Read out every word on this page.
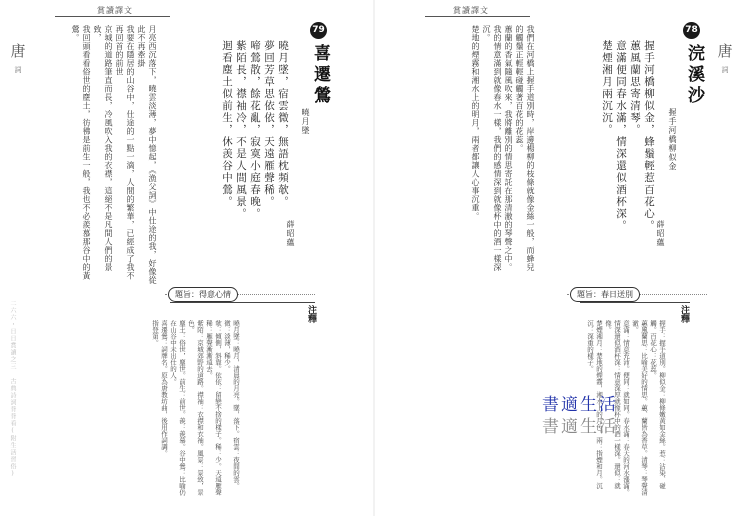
唐
詞
二六六・日日賞讀之三 古典詩詞背背看(附生活習俗)
賞讀譯文
79
喜遷鶯
曉月墜
薛昭蘊
曉月墜，宿雲微，無語枕頻欹。
夢回芳草思依依，天遠雁聲稀。
啼鶯散，餘花亂，寂寞小庭春晚。
紫陌長，襟袖冷，不是人間風景。
迴看塵土似前生，休羡谷中鶯。
月亮西沉落下，曉雲淡薄，夢中憶起，《漁父詞》中仕途的我，好像從此不再牽掛
我要在隱居的山谷中，仕途的一點一滴，人間的繁華，已經成了我不再回首的前世
京城的道路筆直而長，冷風吹入我的衣襟，這絕不是凡間人們的景致，
我回頭看看俗世的塵土，彷彿是前生一般，我也不必羨慕那谷中的黃鶯。
題旨：得意心情
注釋
曉月墜：曉月，清晨的月亮。墜，落下。宿雲：夜間的雲。微：淡薄，稀少。
欹：傾側，斜靠。依依：留戀不捨的樣子。稀：少。天遠雁聲稀：雁聲漸漸遠去。
紫陌：京城郊野的道路。襟袖：衣襟和衣袖。風景：景致，景色。
塵土：俗世，塵世。前生：前世。羨：羨慕。谷中鶯：比喻仍在山谷中未出仕的人。
喜遷鶯：詞牌名。原為唐教坊曲，後用作詞調。
指登第。
唐
詞
賞讀譯文
78
浣溪沙
握手河橋柳似金
薛昭蘊
握手河橋柳似金，蜂鬚輕惹百花心。
蕙風蘭思寄清琴。
意滿便同春水滿，情深還似酒杯深。
楚煙湘月兩沉沉。
我們在河橋上握手道別時，岸邊楊柳的枝條就像金絲一般，而蜂兒的觸鬚正輕輕碰觸著百花的花蕊。
蕙蘭的香氣隨風吹來，我將離別的情思寄託在那清澈的琴聲之中。
我的情意滿到就像春水一樣，我們的感情深到就像杯中的酒一樣深沉。
楚地的煙霧和湘水上的明月，兩者都讓人心事沉重。
題旨：春日送別
注釋
握手：握手道別。柳似金：柳條嫩黃如金絲。惹：沾染、碰觸。百花心：花蕊。
蕙風蘭思：比喻美好的情思。蕙、蘭皆為香草。清琴：琴聲清澈。
意滿：情意充沛。便同：就如同。春水滿：春天的河水漲滿。
情深還似酒杯深：情意深厚就像杯中的酒一樣深。還似：就像。
楚煙湘月：楚地的煙霧，湘水上的月色。兩：指煙和月。沉沉：深重的樣子。
書適生活
書適生活
